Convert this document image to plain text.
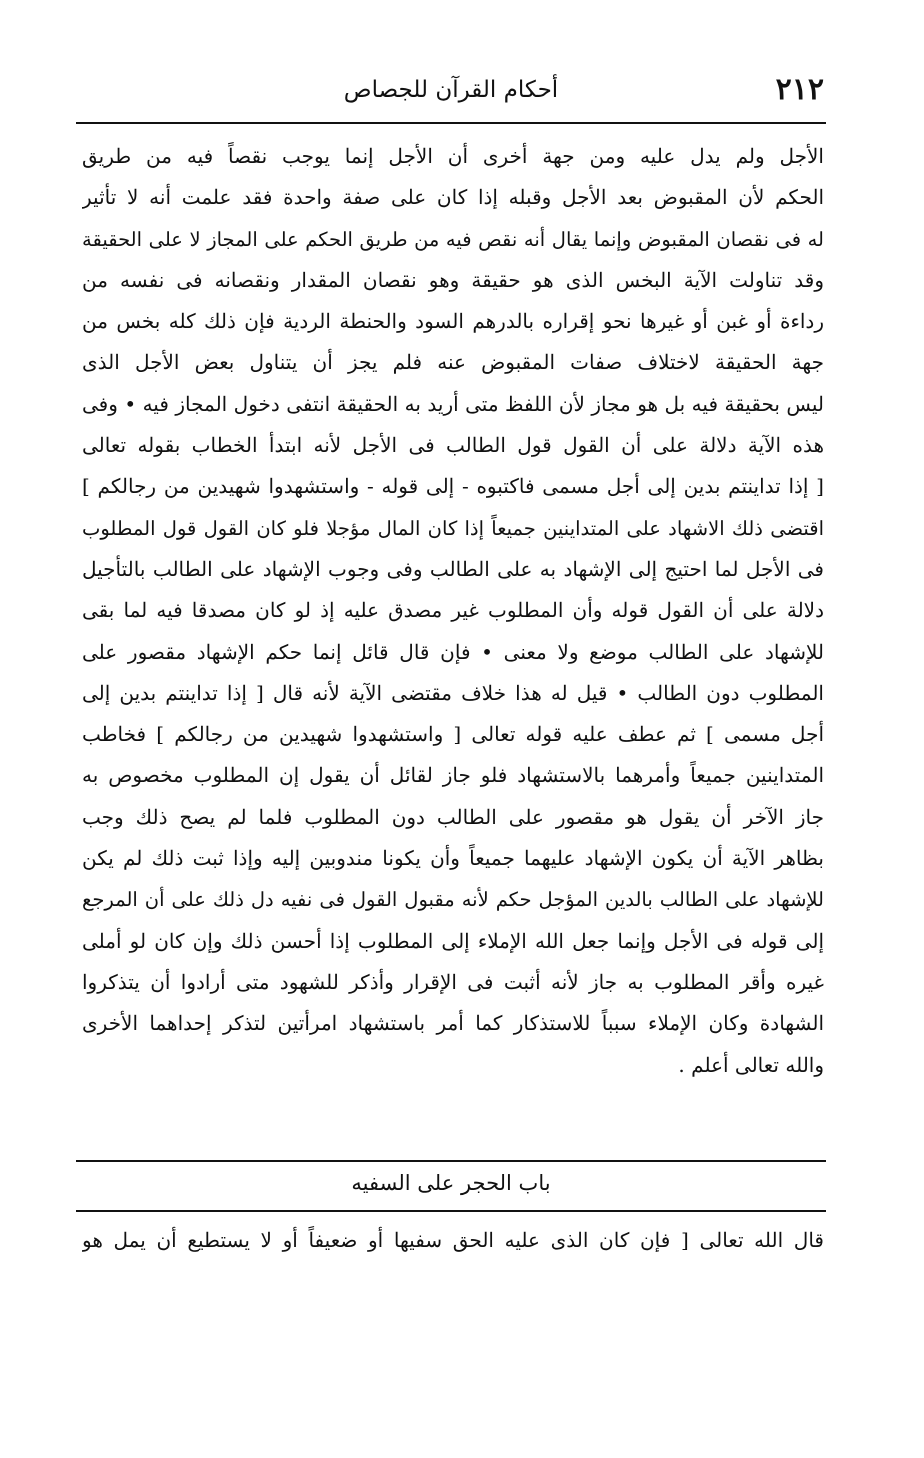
٢١٢
أحكام القرآن للجصاص
الأجل ولم يدل عليه ومن جهة أخرى أن الأجل إنما يوجب نقصاً فيه من طريق
الحكم لأن المقبوض بعد الأجل وقبله إذا كان على صفة واحدة فقد علمت أنه لا تأثير
له فى نقصان المقبوض وإنما يقال أنه نقص فيه من طريق الحكم على المجاز لا على الحقيقة
وقد تناولت الآية البخس الذى هو حقيقة وهو نقصان المقدار ونقصانه فى نفسه من
رداءة أو غبن أو غيرها نحو إقراره بالدرهم السود والحنطة الردية فإن ذلك كله بخس من
جهة الحقيقة لاختلاف صفات المقبوض عنه فلم يجز أن يتناول بعض الأجل الذى
ليس بحقيقة فيه بل هو مجاز لأن اللفظ متى أريد به الحقيقة انتفى دخول المجاز فيه • وفى
هذه الآية دلالة على أن القول قول الطالب فى الأجل لأنه ابتدأ الخطاب بقوله تعالى
[ إذا تداينتم بدين إلى أجل مسمى فاكتبوه - إلى قوله - واستشهدوا شهيدين من رجالكم ]
اقتضى ذلك الاشهاد على المتداينين جميعاً إذا كان المال مؤجلا فلو كان القول قول المطلوب
فى الأجل لما احتيج إلى الإشهاد به على الطالب وفى وجوب الإشهاد على الطالب بالتأجيل
دلالة على أن القول قوله وأن المطلوب غير مصدق عليه إذ لو كان مصدقا فيه لما بقى
للإشهاد على الطالب موضع ولا معنى • فإن قال قائل إنما حكم الإشهاد مقصور على
المطلوب دون الطالب • قيل له هذا خلاف مقتضى الآية لأنه قال [ إذا تداينتم بدين إلى
أجل مسمى ] ثم عطف عليه قوله تعالى [ واستشهدوا شهيدين من رجالكم ] فخاطب
المتداينين جميعاً وأمرهما بالاستشهاد فلو جاز لقائل أن يقول إن المطلوب مخصوص به
جاز الآخر أن يقول هو مقصور على الطالب دون المطلوب فلما لم يصح ذلك وجب
بظاهر الآية أن يكون الإشهاد عليهما جميعاً وأن يكونا مندوبين إليه وإذا ثبت ذلك لم يكن
للإشهاد على الطالب بالدين المؤجل حكم لأنه مقبول القول فى نفيه دل ذلك على أن المرجع
إلى قوله فى الأجل وإنما جعل الله الإملاء إلى المطلوب إذا أحسن ذلك وإن كان لو أملى
غيره وأقر المطلوب به جاز لأنه أثبت فى الإقرار وأذكر للشهود متى أرادوا أن يتذكروا
الشهادة وكان الإملاء سبباً للاستذكار كما أمر باستشهاد امرأتين لتذكر إحداهما الأخرى
والله تعالى أعلم .
باب الحجر على السفيه
قال الله تعالى [ فإن كان الذى عليه الحق سفيها أو ضعيفاً أو لا يستطيع أن يمل هو
